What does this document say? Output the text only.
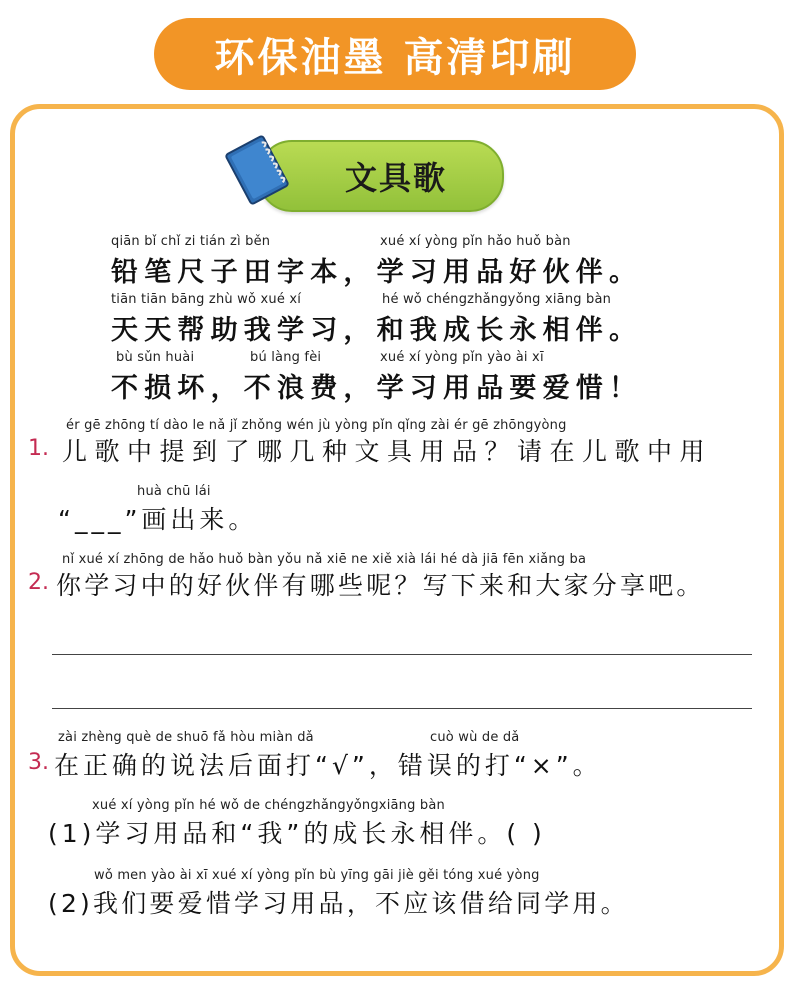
环保油墨 高清印刷
文具歌
qiān bǐ chǐ zi tián zì běn	xué xí yòng pǐn hǎo huǒ bàn
铅笔尺子田字本，学习用品好伙伴。
tiān tiān bāng zhù wǒ xué xí	hé wǒ chéngzhǎngyǒng xiāng bàn
天天帮助我学习，和我成长永相伴。
bù sǔn huài	bú làng fèi	xué xí yòng pǐn yào ài xī
不损坏，不浪费，学习用品要爱惜！
ér gē zhōng tí dào le nǎ jǐ zhǒng wén jù yòng pǐn qǐng zài ér gē zhōngyòng
1. 儿歌中提到了哪几种文具用品？请在儿歌中用
huà chū lái
“___”画出来。
nǐ xué xí zhōng de hǎo huǒ bàn yǒu nǎ xiē ne xiě xià lái hé dà jiā fēn xiǎng ba
2. 你学习中的好伙伴有哪些呢？写下来和大家分享吧。
zài zhèng què de shuō fǎ hòu miàn dǎ	cuò wù de dǎ
3. 在正确的说法后面打“√”，错误的打“×”。
xué xí yòng pǐn hé wǒ de chéngzhǎngyǒngxiāng bàn
(1)学习用品和“我”的成长永相伴。( )
wǒ men yào ài xī xué xí yòng pǐn bù yīng gāi jiè gěi tóng xué yòng
(2)我们要爱惜学习用品，不应该借给同学用。
